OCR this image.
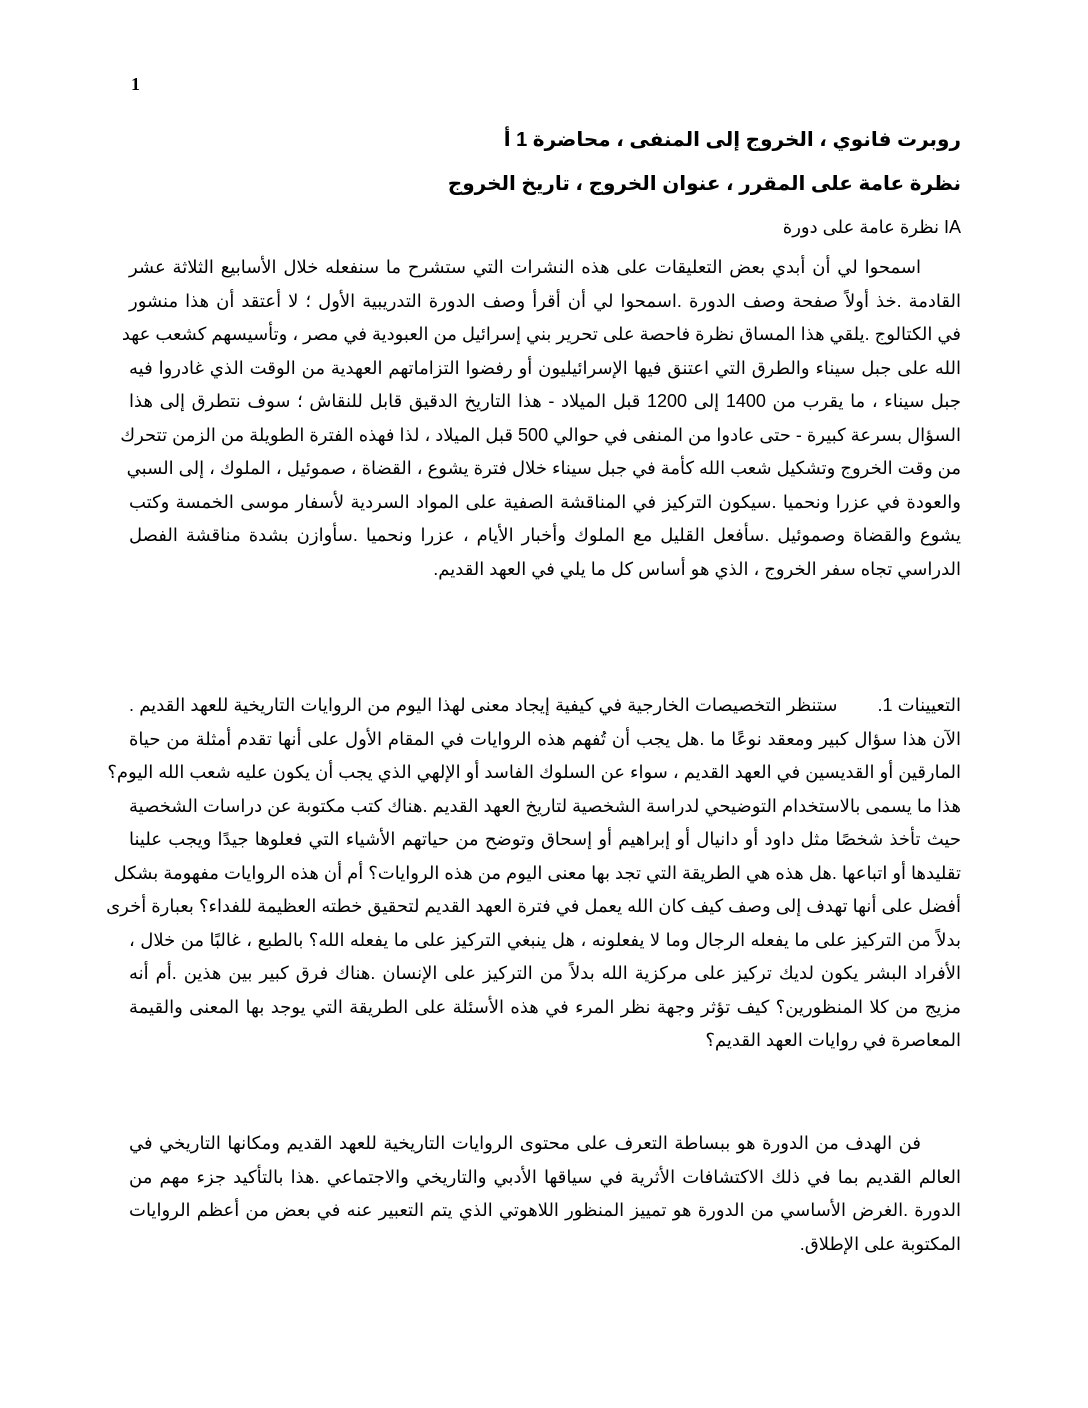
1

روبرت فانوي ، الخروج إلى المنفى ، محاضرة 1 أ

نظرة عامة على المقرر ، عنوان الخروج ، تاريخ الخروج

IA نظرة عامة على دورة

اسمحوا لي أن أبدي بعض التعليقات على هذه النشرات التي ستشرح ما سنفعله خلال الأسابيع الثلاثة عشر
القادمة .خذ أولاً صفحة وصف الدورة .اسمحوا لي أن أقرأ وصف الدورة التدريبية الأول ؛ لا أعتقد أن هذا منشور
في الكتالوج .يلقي هذا المساق نظرة فاحصة على تحرير بني إسرائيل من العبودية في مصر ، وتأسيسهم كشعب عهد
الله على جبل سيناء والطرق التي اعتنق فيها الإسرائيليون أو رفضوا التزاماتهم العهدية من الوقت الذي غادروا فيه
جبل سيناء ، ما يقرب من 1400 إلى 1200 قبل الميلاد - هذا التاريخ الدقيق قابل للنقاش ؛ سوف نتطرق إلى هذا
السؤال بسرعة كبيرة - حتى عادوا من المنفى في حوالي 500 قبل الميلاد ، لذا فهذه الفترة الطويلة من الزمن تتحرك
من وقت الخروج وتشكيل شعب الله كأمة في جبل سيناء خلال فترة يشوع ، القضاة ، صموئيل ، الملوك ، إلى السبي
والعودة في عزرا ونحميا .سيكون التركيز في المناقشة الصفية على المواد السردية لأسفار موسى الخمسة وكتب
يشوع والقضاة وصموئيل .سأفعل القليل مع الملوك وأخبار الأيام ، عزرا ونحميا .سأوازن بشدة مناقشة الفصل
الدراسي تجاه سفر الخروج ، الذي هو أساس كل ما يلي في العهد القديم.
التعيينات 1.ستنظر التخصيصات الخارجية في كيفية إيجاد معنى لهذا اليوم من الروايات التاريخية للعهد القديم .
الآن هذا سؤال كبير ومعقد نوعًا ما .هل يجب أن تُفهم هذه الروايات في المقام الأول على أنها تقدم أمثلة من حياة
المارقين أو القديسين في العهد القديم ، سواء عن السلوك الفاسد أو الإلهي الذي يجب أن يكون عليه شعب الله اليوم؟
هذا ما يسمى بالاستخدام التوضيحي لدراسة الشخصية لتاريخ العهد القديم .هناك كتب مكتوبة عن دراسات الشخصية
حيث تأخذ شخصًا مثل داود أو دانيال أو إبراهيم أو إسحاق وتوضح من حياتهم الأشياء التي فعلوها جيدًا ويجب علينا
تقليدها أو اتباعها .هل هذه هي الطريقة التي تجد بها معنى اليوم من هذه الروايات؟ أم أن هذه الروايات مفهومة بشكل
أفضل على أنها تهدف إلى وصف كيف كان الله يعمل في فترة العهد القديم لتحقيق خطته العظيمة للفداء؟ بعبارة أخرى
بدلاً من التركيز على ما يفعله الرجال وما لا يفعلونه ، هل ينبغي التركيز على ما يفعله الله؟ بالطبع ، غالبًا من خلال ،
الأفراد البشر يكون لديك تركيز على مركزية الله بدلاً من التركيز على الإنسان .هناك فرق كبير بين هذين .أم أنه
مزيج من كلا المنظورين؟ كيف تؤثر وجهة نظر المرء في هذه الأسئلة على الطريقة التي يوجد بها المعنى والقيمة
المعاصرة في روايات العهد القديم؟
فن الهدف من الدورة هو ببساطة التعرف على محتوى الروايات التاريخية للعهد القديم ومكانها التاريخي في
العالم القديم بما في ذلك الاكتشافات الأثرية في سياقها الأدبي والتاريخي والاجتماعي .هذا بالتأكيد جزء مهم من
الدورة .الغرض الأساسي من الدورة هو تمييز المنظور اللاهوتي الذي يتم التعبير عنه في بعض من أعظم الروايات
المكتوبة على الإطلاق.
